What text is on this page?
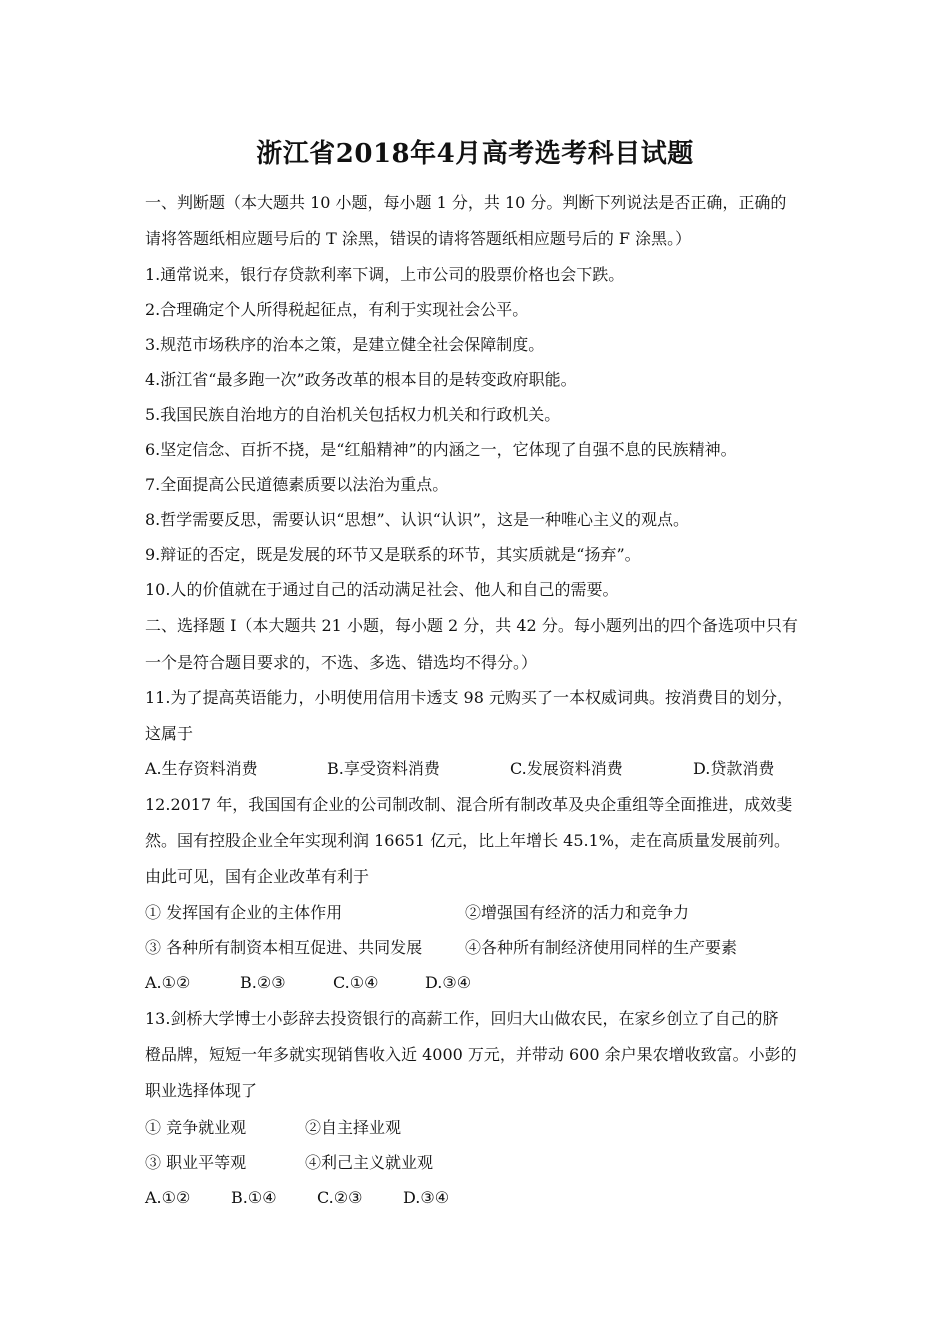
浙江省2018年4月高考选考科目试题
一、判断题（本大题共 10 小题，每小题 1 分，共 10 分。判断下列说法是否正确，正确的
请将答题纸相应题号后的 T 涂黑，错误的请将答题纸相应题号后的 F 涂黑。）
1.通常说来，银行存贷款利率下调，上市公司的股票价格也会下跌。
2.合理确定个人所得税起征点，有利于实现社会公平。
3.规范市场秩序的治本之策，是建立健全社会保障制度。
4.浙江省“最多跑一次”政务改革的根本目的是转变政府职能。
5.我国民族自治地方的自治机关包括权力机关和行政机关。
6.坚定信念、百折不挠，是“红船精神”的内涵之一，它体现了自强不息的民族精神。
7.全面提高公民道德素质要以法治为重点。
8.哲学需要反思，需要认识“思想”、认识“认识”，这是一种唯心主义的观点。
9.辩证的否定，既是发展的环节又是联系的环节，其实质就是“扬弃”。
10.人的价值就在于通过自己的活动满足社会、他人和自己的需要。
二、选择题 I（本大题共 21 小题，每小题 2 分，共 42 分。每小题列出的四个备选项中只有
一个是符合题目要求的，不选、多选、错选均不得分。）
11.为了提高英语能力，小明使用信用卡透支 98 元购买了一本权威词典。按消费目的划分，
这属于
A.生存资料消费	B.享受资料消费	C.发展资料消费	D.贷款消费
12.2017 年，我国国有企业的公司制改制、混合所有制改革及央企重组等全面推进，成效斐
然。国有控股企业全年实现利润 16651 亿元，比上年增长 45.1%，走在高质量发展前列。
由此可见，国有企业改革有利于
① 发挥国有企业的主体作用	②增强国有经济的活力和竞争力
③ 各种所有制资本相互促进、共同发展	④各种所有制经济使用同样的生产要素
A.①②	B.②③	C.①④	D.③④
13.剑桥大学博士小彭辞去投资银行的高薪工作，回归大山做农民，在家乡创立了自己的脐
橙品牌，短短一年多就实现销售收入近 4000 万元，并带动 600 余户果农增收致富。小彭的
职业选择体现了
① 竞争就业观	②自主择业观
③ 职业平等观	④利己主义就业观
A.①②	B.①④	C.②③	D.③④
